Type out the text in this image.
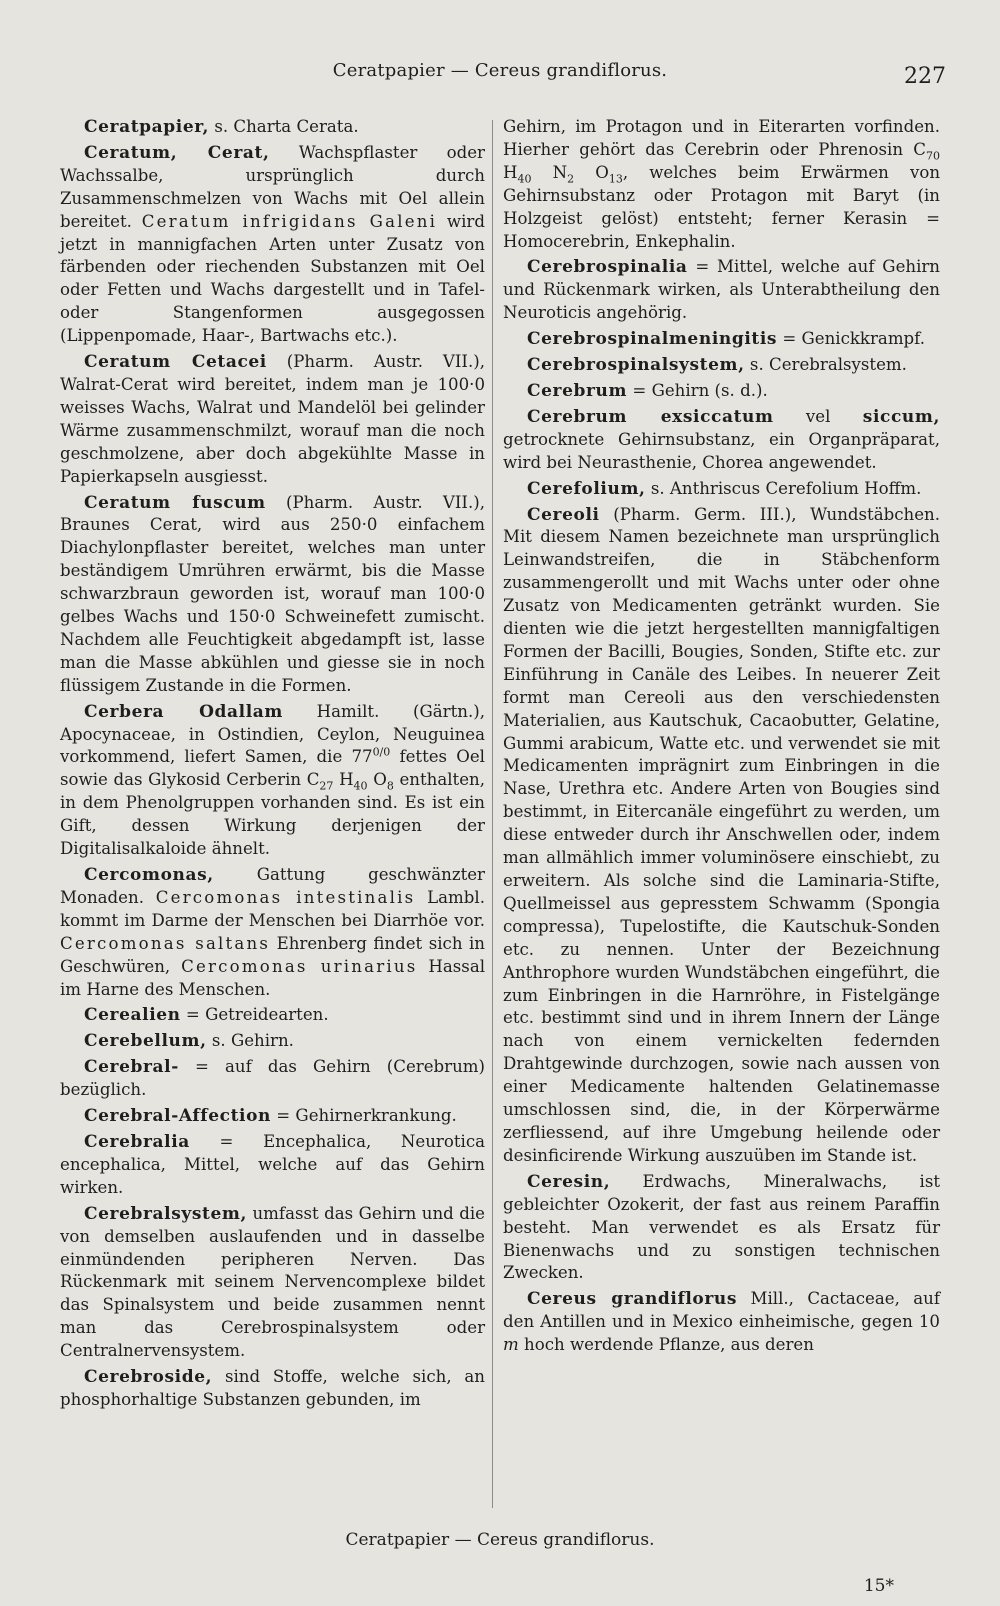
Ceratpapier — Cereus grandiflorus.	227

Ceratpapier, s. Charta Cerata.

Ceratum, Cerat, Wachspflaster oder Wachssalbe, ursprünglich durch Zusammenschmelzen von Wachs mit Oel allein bereitet. Ceratum infrigidans Galeni wird jetzt in mannigfachen Arten unter Zusatz von färbenden oder riechenden Substanzen mit Oel oder Fetten und Wachs dargestellt und in Tafel- oder Stangenformen ausgegossen (Lippenpomade, Haar-, Bartwachs etc.).

Ceratum Cetacei (Pharm. Austr. VII.), Walrat-Cerat wird bereitet, indem man je 100·0 weisses Wachs, Walrat und Mandelöl bei gelinder Wärme zusammenschmilzt, worauf man die noch geschmolzene, aber doch abgekühlte Masse in Papierkapseln ausgiesst.

Ceratum fuscum (Pharm. Austr. VII.), Braunes Cerat, wird aus 250·0 einfachem Diachylonpflaster bereitet, welches man unter beständigem Umrühren erwärmt, bis die Masse schwarzbraun geworden ist, worauf man 100·0 gelbes Wachs und 150·0 Schweinefett zumischt. Nachdem alle Feuchtigkeit abgedampft ist, lasse man die Masse abkühlen und giesse sie in noch flüssigem Zustande in die Formen.

Cerbera Odallam Hamilt. (Gärtn.), Apocynaceae, in Ostindien, Ceylon, Neuguinea vorkommend, liefert Samen, die $77^{0/0}$ fettes Oel sowie das Glykosid Cerberin $C_{27}$ $H_{40}$ $O_8$ enthalten, in dem Phenolgruppen vorhanden sind. Es ist ein Gift, dessen Wirkung derjenigen der Digitalisalkaloide ähnelt.

Cercomonas, Gattung geschwänzter Monaden. Cercomonas intestinalis Lambl. kommt im Darme der Menschen bei Diarrhöe vor. Cercomonas saltans Ehrenberg findet sich in Geschwüren, Cercomonas urinarius Hassal im Harne des Menschen.

Cerealien = Getreidearten.

Cerebellum, s. Gehirn.

Cerebral- = auf das Gehirn (Cerebrum) bezüglich.

Cerebral-Affection = Gehirnerkrankung.

Cerebralia = Encephalica, Neurotica encephalica, Mittel, welche auf das Gehirn wirken.

Cerebralsystem, umfasst das Gehirn und die von demselben auslaufenden und in dasselbe einmündenden peripheren Nerven. Das Rückenmark mit seinem Nervencomplexe bildet das Spinalsystem und beide zusammen nennt man das Cerebrospinalsystem oder Centralnervensystem.

Cerebroside, sind Stoffe, welche sich, an phosphorhaltige Substanzen gebunden, im

Gehirn, im Protagon und in Eiterarten vorfinden. Hierher gehört das Cerebrin oder Phrenosin $C_{70}$ $H_{40}$ $N_2$ $O_{13}$, welches beim Erwärmen von Gehirnsubstanz oder Protagon mit Baryt (in Holzgeist gelöst) entsteht; ferner Kerasin = Homocerebrin, Enkephalin.

Cerebrospinalia = Mittel, welche auf Gehirn und Rückenmark wirken, als Unterabtheilung den Neuroticis angehörig.

Cerebrospinalmeningitis = Genickkrampf.

Cerebrospinalsystem, s. Cerebralsystem.

Cerebrum = Gehirn (s. d.).

Cerebrum exsiccatum vel siccum, getrocknete Gehirnsubstanz, ein Organpräparat, wird bei Neurasthenie, Chorea angewendet.

Cerefolium, s. Anthriscus Cerefolium Hoffm.

Cereoli (Pharm. Germ. III.), Wundstäbchen. Mit diesem Namen bezeichnete man ursprünglich Leinwandstreifen, die in Stäbchenform zusammengerollt und mit Wachs unter oder ohne Zusatz von Medicamenten getränkt wurden. Sie dienten wie die jetzt hergestellten mannigfaltigen Formen der Bacilli, Bougies, Sonden, Stifte etc. zur Einführung in Canäle des Leibes. In neuerer Zeit formt man Cereoli aus den verschiedensten Materialien, aus Kautschuk, Cacaobutter, Gelatine, Gummi arabicum, Watte etc. und verwendet sie mit Medicamenten imprägnirt zum Einbringen in die Nase, Urethra etc. Andere Arten von Bougies sind bestimmt, in Eitercanäle eingeführt zu werden, um diese entweder durch ihr Anschwellen oder, indem man allmählich immer voluminösere einschiebt, zu erweitern. Als solche sind die Laminaria-Stifte, Quellmeissel aus gepresstem Schwamm (Spongia compressa), Tupelostifte, die Kautschuk-Sonden etc. zu nennen. Unter der Bezeichnung Anthrophore wurden Wundstäbchen eingeführt, die zum Einbringen in die Harnröhre, in Fistelgänge etc. bestimmt sind und in ihrem Innern der Länge nach von einem vernickelten federnden Drahtgewinde durchzogen, sowie nach aussen von einer Medicamente haltenden Gelatinemasse umschlossen sind, die, in der Körperwärme zerfliessend, auf ihre Umgebung heilende oder desinficirende Wirkung auszuüben im Stande ist.

Ceresin, Erdwachs, Mineralwachs, ist gebleichter Ozokerit, der fast aus reinem Paraffin besteht. Man verwendet es als Ersatz für Bienenwachs und zu sonstigen technischen Zwecken.

Cereus grandiflorus Mill., Cactaceae, auf den Antillen und in Mexico einheimische, gegen 10 m hoch werdende Pflanze, aus deren

Ceratpapier — Cereus grandiflorus.
15*
